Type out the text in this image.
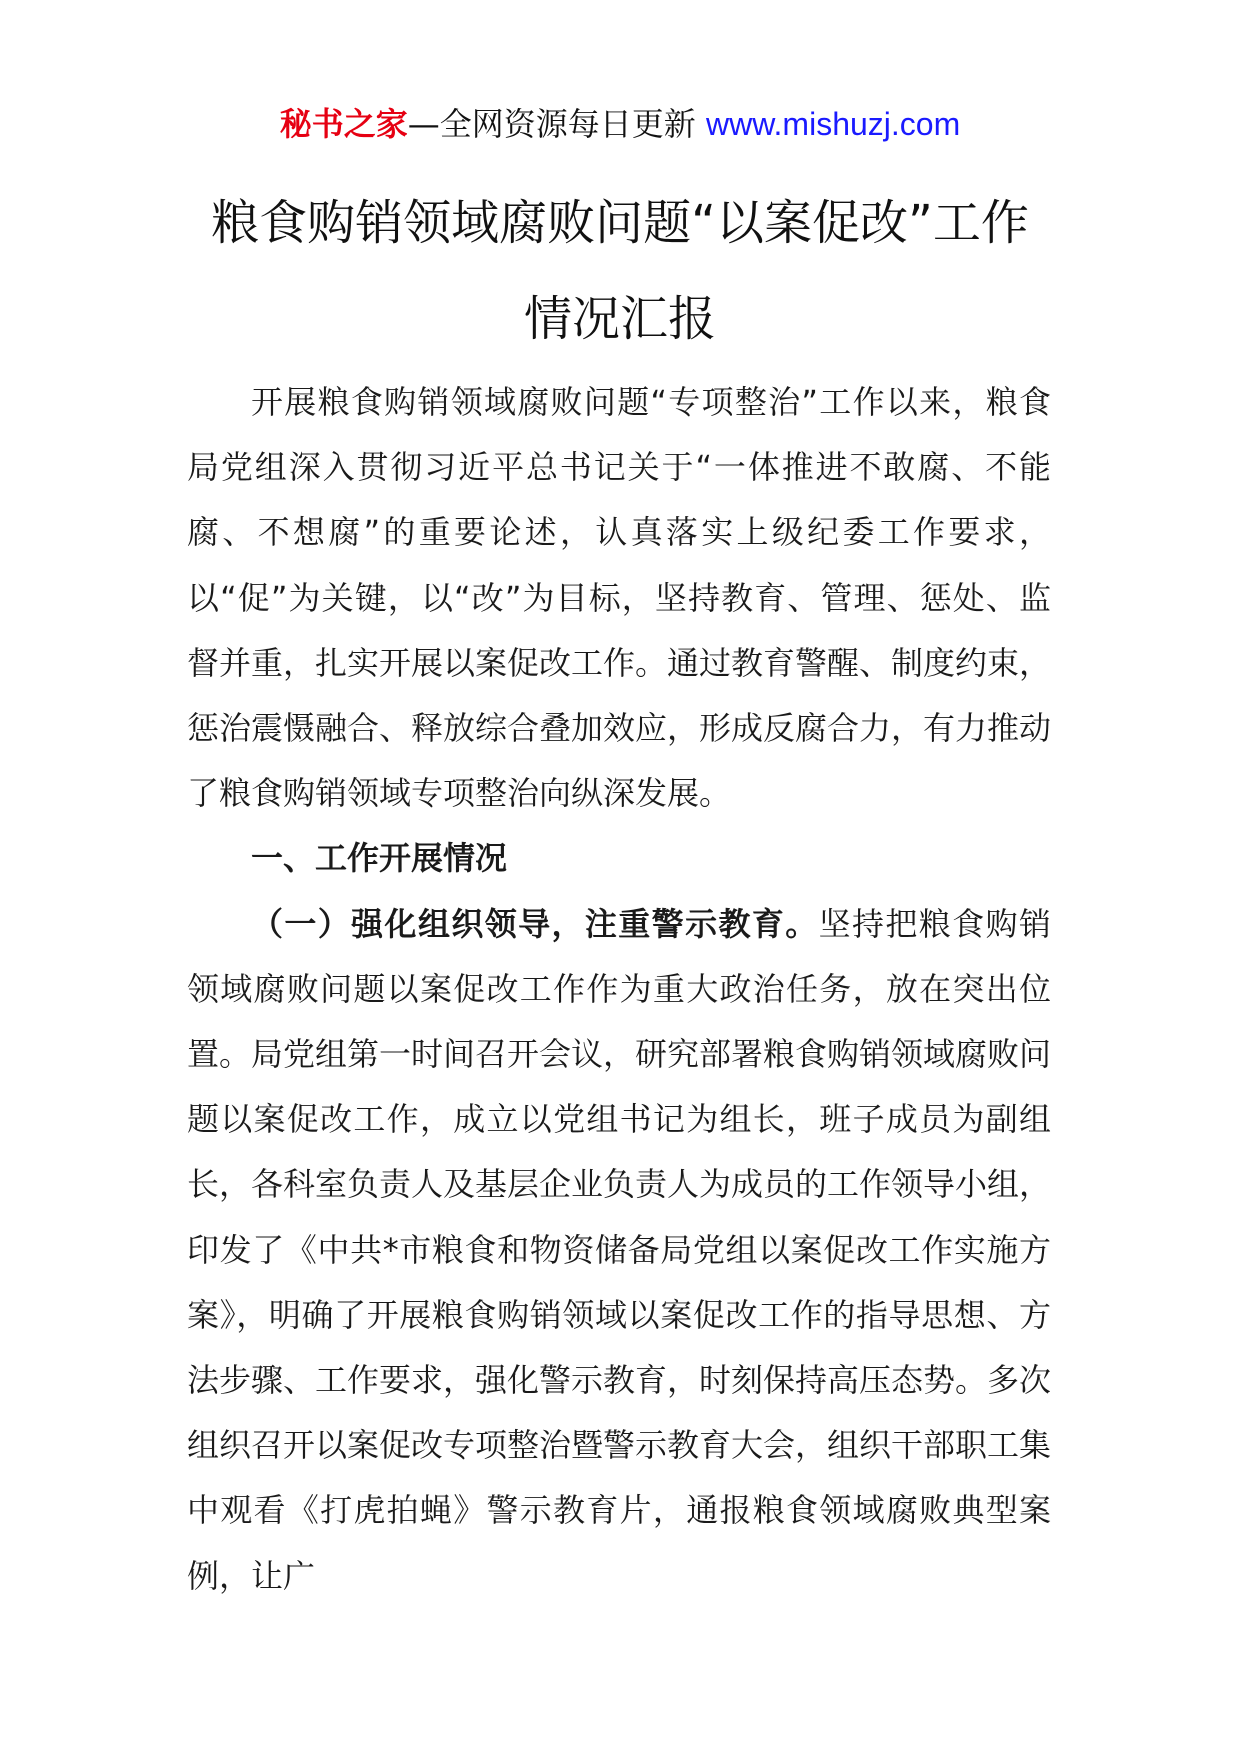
秘书之家—全网资源每日更新 www.mishuzj.com
粮食购销领域腐败问题“以案促改”工作
情况汇报

开展粮食购销领域腐败问题“专项整治”工作以来，粮食局党组深入贯彻习近平总书记关于“一体推进不敢腐、不能腐、不想腐”的重要论述，认真落实上级纪委工作要求，以“促”为关键，以“改”为目标，坚持教育、管理、惩处、监督并重，扎实开展以案促改工作。通过教育警醒、制度约束，惩治震慑融合、释放综合叠加效应，形成反腐合力，有力推动了粮食购销领域专项整治向纵深发展。

一、工作开展情况

（一）强化组织领导，注重警示教育。坚持把粮食购销领域腐败问题以案促改工作作为重大政治任务，放在突出位置。局党组第一时间召开会议，研究部署粮食购销领域腐败问题以案促改工作，成立以党组书记为组长，班子成员为副组长，各科室负责人及基层企业负责人为成员的工作领导小组，印发了《中共*市粮食和物资储备局党组以案促改工作实施方案》，明确了开展粮食购销领域以案促改工作的指导思想、方法步骤、工作要求，强化警示教育，时刻保持高压态势。多次组织召开以案促改专项整治暨警示教育大会，组织干部职工集中观看《打虎拍蝇》警示教育片，通报粮食领域腐败典型案例，让广
